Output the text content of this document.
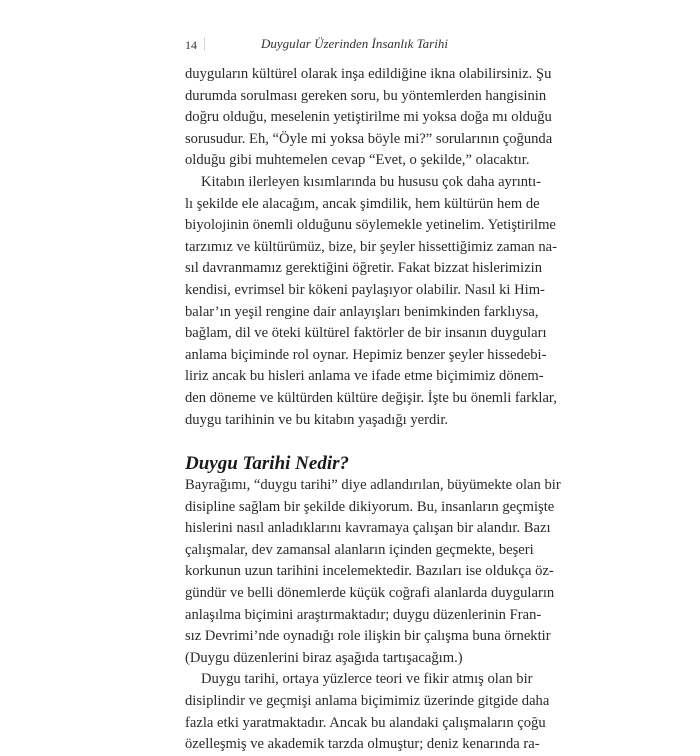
14	Duygular Üzerinden İnsanlık Tarihi
duyguların kültürel olarak inşa edildiğine ikna olabilirsiniz. Şu
durumda sorulması gereken soru, bu yöntemlerden hangisinin
doğru olduğu, meselenin yetiştirilme mi yoksa doğa mı olduğu
sorusudur. Eh, “Öyle mi yoksa böyle mi?” sorularının çoğunda
olduğu gibi muhtemelen cevap “Evet, o şekilde,” olacaktır.
Kitabın ilerleyen kısımlarında bu hususu çok daha ayrıntı-
lı şekilde ele alacağım, ancak şimdilik, hem kültürün hem de
biyolojinin önemli olduğunu söylemekle yetinelim. Yetiştirilme
tarzımız ve kültürümüz, bize, bir şeyler hissettiğimiz zaman na-
sıl davranmamız gerektiğini öğretir. Fakat bizzat hislerimizin
kendisi, evrimsel bir kökeni paylaşıyor olabilir. Nasıl ki Him-
balar’ın yeşil rengine dair anlayışları benimkinden farklıysa,
bağlam, dil ve öteki kültürel faktörler de bir insanın duyguları
anlama biçiminde rol oynar. Hepimiz benzer şeyler hissedebi-
liriz ancak bu hisleri anlama ve ifade etme biçimimiz dönem-
den döneme ve kültürden kültüre değişir. İşte bu önemli farklar,
duygu tarihinin ve bu kitabın yaşadığı yerdir.
Duygu Tarihi Nedir?
Bayrağımı, “duygu tarihi” diye adlandırılan, büyümekte olan bir
disipline sağlam bir şekilde dikiyorum. Bu, insanların geçmişte
hislerini nasıl anladıklarını kavramaya çalışan bir alandır. Bazı
çalışmalar, dev zamansal alanların içinden geçmekte, beşeri
korkunun uzun tarihini incelemektedir. Bazıları ise oldukça öz-
gündür ve belli dönemlerde küçük coğrafi alanlarda duyguların
anlaşılma biçimini araştırmaktadır; duygu düzenlerinin Fran-
sız Devrimi’nde oynadığı role ilişkin bir çalışma buna örnektir
(Duygu düzenlerini biraz aşağıda tartışacağım.)
Duygu tarihi, ortaya yüzlerce teori ve fikir atmış olan bir
disiplindir ve geçmişi anlama biçimimiz üzerinde gitgide daha
fazla etki yaratmaktadır. Ancak bu alandaki çalışmaların çoğu
özelleşmiş ve akademik tarzda olmuştur; deniz kenarında ra-
